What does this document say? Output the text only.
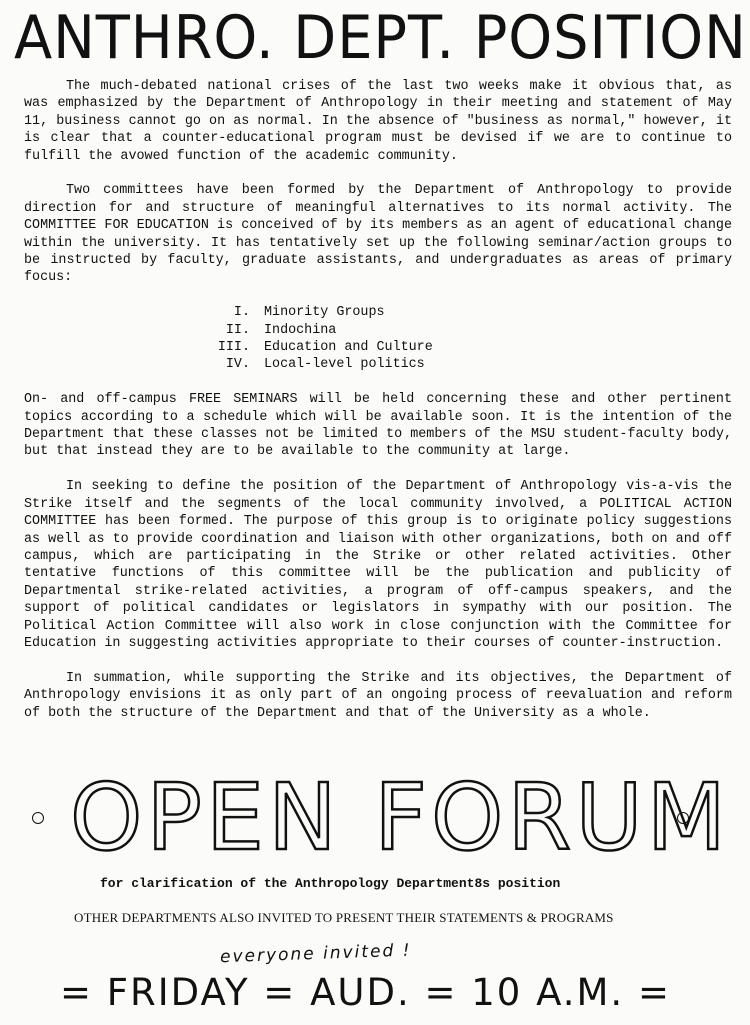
ANTHRO. DEPT. POSITION

The much-debated national crises of the last two weeks make it obvious that, as was emphasized by the Department of Anthropology in their meeting and statement of May 11, business cannot go on as normal. In the absence of "business as normal," however, it is clear that a counter-educational program must be devised if we are to continue to fulfill the avowed function of the academic community.

Two committees have been formed by the Department of Anthropology to provide direction for and structure of meaningful alternatives to its normal activity. The COMMITTEE FOR EDUCATION is conceived of by its members as an agent of educational change within the university. It has tentatively set up the following seminar/action groups to be instructed by faculty, graduate assistants, and undergraduates as areas of primary focus:

I.	Minority Groups
II.	Indochina
III.	Education and Culture
IV.	Local-level politics

On- and off-campus FREE SEMINARS will be held concerning these and other pertinent topics according to a schedule which will be available soon. It is the intention of the Department that these classes not be limited to members of the MSU student-faculty body, but that instead they are to be available to the community at large.

In seeking to define the position of the Department of Anthropology vis-a-vis the Strike itself and the segments of the local community involved, a POLITICAL ACTION COMMITTEE has been formed. The purpose of this group is to originate policy suggestions as well as to provide coordination and liaison with other organizations, both on and off campus, which are participating in the Strike or other related activities. Other tentative functions of this committee will be the publication and publicity of Departmental strike-related activities, a program of off-campus speakers, and the support of political candidates or legislators in sympathy with our position. The Political Action Committee will also work in close conjunction with the Committee for Education in suggesting activities appropriate to their courses of counter-instruction.

In summation, while supporting the Strike and its objectives, the Department of Anthropology envisions it as only part of an ongoing process of reevaluation and reform of both the structure of the Department and that of the University as a whole.

OPEN FORUM
for clarification of the Anthropology Department8s position
OTHER DEPARTMENTS ALSO INVITED TO PRESENT THEIR STATEMENTS & PROGRAMS
everyone invited !
= FRIDAY = AUD. = 10 A.M. =
